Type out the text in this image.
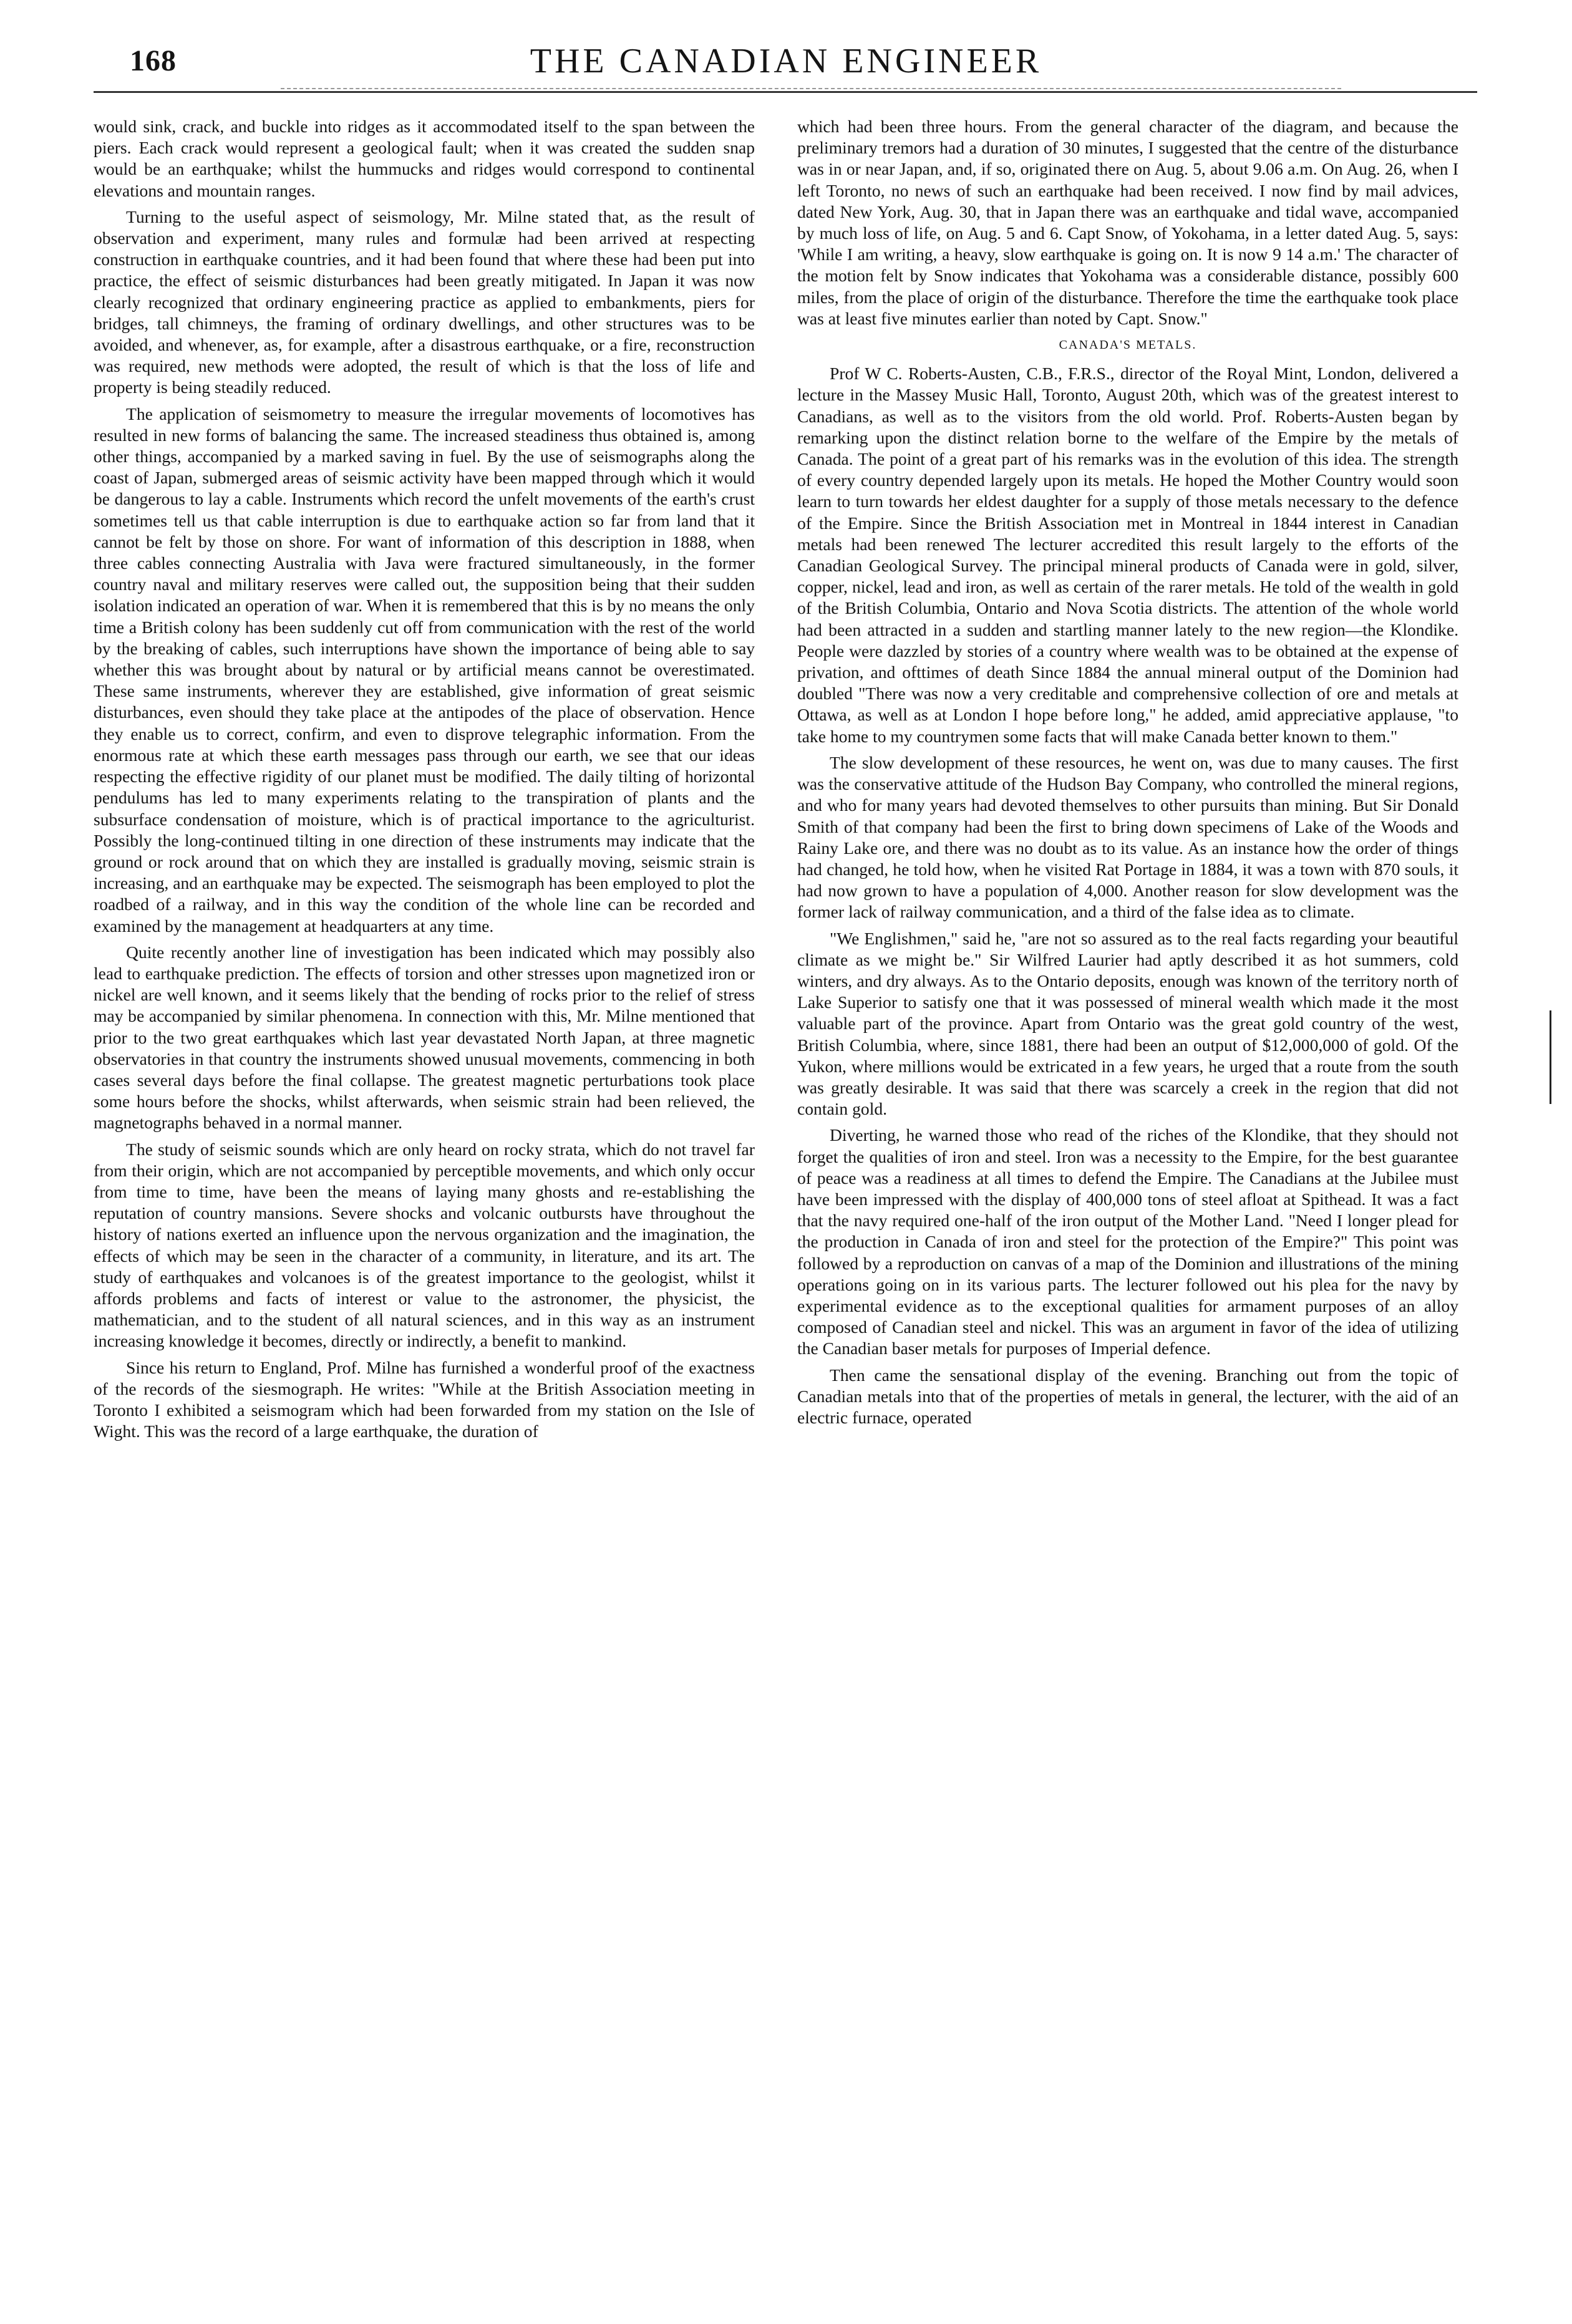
168	THE CANADIAN ENGINEER

would sink, crack, and buckle into ridges as it accommodated itself to the span between the piers. Each crack would represent a geological fault; when it was created the sudden snap would be an earthquake; whilst the hummucks and ridges would correspond to continental elevations and mountain ranges.

Turning to the useful aspect of seismology, Mr. Milne stated that, as the result of observation and experiment, many rules and formulæ had been arrived at respecting construction in earthquake countries, and it had been found that where these had been put into practice, the effect of seismic disturbances had been greatly mitigated. In Japan it was now clearly recognized that ordinary engineering practice as applied to embankments, piers for bridges, tall chimneys, the framing of ordinary dwellings, and other structures was to be avoided, and whenever, as, for example, after a disastrous earthquake, or a fire, reconstruction was required, new methods were adopted, the result of which is that the loss of life and property is being steadily reduced.

The application of seismometry to measure the irregular movements of locomotives has resulted in new forms of balancing the same. The increased steadiness thus obtained is, among other things, accompanied by a marked saving in fuel. By the use of seismographs along the coast of Japan, submerged areas of seismic activity have been mapped through which it would be dangerous to lay a cable. Instruments which record the unfelt movements of the earth's crust sometimes tell us that cable interruption is due to earthquake action so far from land that it cannot be felt by those on shore. For want of information of this description in 1888, when three cables connecting Australia with Java were fractured simultaneously, in the former country naval and military reserves were called out, the supposition being that their sudden isolation indicated an operation of war. When it is remembered that this is by no means the only time a British colony has been suddenly cut off from communication with the rest of the world by the breaking of cables, such interruptions have shown the importance of being able to say whether this was brought about by natural or by artificial means cannot be overestimated. These same instruments, wherever they are established, give information of great seismic disturbances, even should they take place at the antipodes of the place of observation. Hence they enable us to correct, confirm, and even to disprove telegraphic information. From the enormous rate at which these earth messages pass through our earth, we see that our ideas respecting the effective rigidity of our planet must be modified. The daily tilting of horizontal pendulums has led to many experiments relating to the transpiration of plants and the subsurface condensation of moisture, which is of practical importance to the agriculturist. Possibly the long-continued tilting in one direction of these instruments may indicate that the ground or rock around that on which they are installed is gradually moving, seismic strain is increasing, and an earthquake may be expected. The seismograph has been employed to plot the roadbed of a railway, and in this way the condition of the whole line can be recorded and examined by the management at headquarters at any time.

Quite recently another line of investigation has been indicated which may possibly also lead to earthquake prediction. The effects of torsion and other stresses upon magnetized iron or nickel are well known, and it seems likely that the bending of rocks prior to the relief of stress may be accompanied by similar phenomena. In connection with this, Mr. Milne mentioned that prior to the two great earthquakes which last year devastated North Japan, at three magnetic observatories in that country the instruments showed unusual movements, commencing in both cases several days before the final collapse. The greatest magnetic perturbations took place some hours before the shocks, whilst afterwards, when seismic strain had been relieved, the magnetographs behaved in a normal manner.

The study of seismic sounds which are only heard on rocky strata, which do not travel far from their origin, which are not accompanied by perceptible movements, and which only occur from time to time, have been the means of laying many ghosts and re-establishing the reputation of country mansions. Severe shocks and volcanic outbursts have throughout the history of nations exerted an influence upon the nervous organization and the imagination, the effects of which may be seen in the character of a community, in literature, and its art. The study of earthquakes and volcanoes is of the greatest importance to the geologist, whilst it affords problems and facts of interest or value to the astronomer, the physicist, the mathematician, and to the student of all natural sciences, and in this way as an instrument increasing knowledge it becomes, directly or indirectly, a benefit to mankind.

Since his return to England, Prof. Milne has furnished a wonderful proof of the exactness of the records of the siesmograph. He writes: "While at the British Association meeting in Toronto I exhibited a seismogram which had been forwarded from my station on the Isle of Wight. This was the record of a large earthquake, the duration of

which had been three hours. From the general character of the diagram, and because the preliminary tremors had a duration of 30 minutes, I suggested that the centre of the disturbance was in or near Japan, and, if so, originated there on Aug. 5, about 9.06 a.m. On Aug. 26, when I left Toronto, no news of such an earthquake had been received. I now find by mail advices, dated New York, Aug. 30, that in Japan there was an earthquake and tidal wave, accompanied by much loss of life, on Aug. 5 and 6. Capt Snow, of Yokohama, in a letter dated Aug. 5, says: 'While I am writing, a heavy, slow earthquake is going on. It is now 9 14 a.m.' The character of the motion felt by Snow indicates that Yokohama was a considerable distance, possibly 600 miles, from the place of origin of the disturbance. Therefore the time the earthquake took place was at least five minutes earlier than noted by Capt. Snow."

CANADA'S METALS.

Prof W C. Roberts-Austen, C.B., F.R.S., director of the Royal Mint, London, delivered a lecture in the Massey Music Hall, Toronto, August 20th, which was of the greatest interest to Canadians, as well as to the visitors from the old world. Prof. Roberts-Austen began by remarking upon the distinct relation borne to the welfare of the Empire by the metals of Canada. The point of a great part of his remarks was in the evolution of this idea. The strength of every country depended largely upon its metals. He hoped the Mother Country would soon learn to turn towards her eldest daughter for a supply of those metals necessary to the defence of the Empire. Since the British Association met in Montreal in 1844 interest in Canadian metals had been renewed The lecturer accredited this result largely to the efforts of the Canadian Geological Survey. The principal mineral products of Canada were in gold, silver, copper, nickel, lead and iron, as well as certain of the rarer metals. He told of the wealth in gold of the British Columbia, Ontario and Nova Scotia districts. The attention of the whole world had been attracted in a sudden and startling manner lately to the new region—the Klondike. People were dazzled by stories of a country where wealth was to be obtained at the expense of privation, and ofttimes of death Since 1884 the annual mineral output of the Dominion had doubled "There was now a very creditable and comprehensive collection of ore and metals at Ottawa, as well as at London I hope before long," he added, amid appreciative applause, "to take home to my countrymen some facts that will make Canada better known to them."

The slow development of these resources, he went on, was due to many causes. The first was the conservative attitude of the Hudson Bay Company, who controlled the mineral regions, and who for many years had devoted themselves to other pursuits than mining. But Sir Donald Smith of that company had been the first to bring down specimens of Lake of the Woods and Rainy Lake ore, and there was no doubt as to its value. As an instance how the order of things had changed, he told how, when he visited Rat Portage in 1884, it was a town with 870 souls, it had now grown to have a population of 4,000. Another reason for slow development was the former lack of railway communication, and a third of the false idea as to climate.

"We Englishmen," said he, "are not so assured as to the real facts regarding your beautiful climate as we might be." Sir Wilfred Laurier had aptly described it as hot summers, cold winters, and dry always. As to the Ontario deposits, enough was known of the territory north of Lake Superior to satisfy one that it was possessed of mineral wealth which made it the most valuable part of the province. Apart from Ontario was the great gold country of the west, British Columbia, where, since 1881, there had been an output of $12,000,000 of gold. Of the Yukon, where millions would be extricated in a few years, he urged that a route from the south was greatly desirable. It was said that there was scarcely a creek in the region that did not contain gold.

Diverting, he warned those who read of the riches of the Klondike, that they should not forget the qualities of iron and steel. Iron was a necessity to the Empire, for the best guarantee of peace was a readiness at all times to defend the Empire. The Canadians at the Jubilee must have been impressed with the display of 400,000 tons of steel afloat at Spithead. It was a fact that the navy required one-half of the iron output of the Mother Land. "Need I longer plead for the production in Canada of iron and steel for the protection of the Empire?" This point was followed by a reproduction on canvas of a map of the Dominion and illustrations of the mining operations going on in its various parts. The lecturer followed out his plea for the navy by experimental evidence as to the exceptional qualities for armament purposes of an alloy composed of Canadian steel and nickel. This was an argument in favor of the idea of utilizing the Canadian baser metals for purposes of Imperial defence.

Then came the sensational display of the evening. Branching out from the topic of Canadian metals into that of the properties of metals in general, the lecturer, with the aid of an electric furnace, operated
